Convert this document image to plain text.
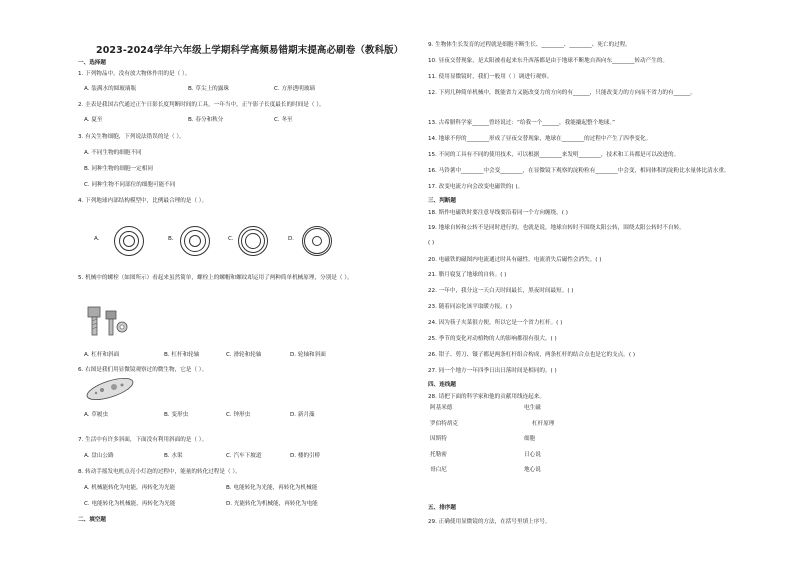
2023-2024学年六年级上学期科学高频易错期末提高必刷卷（教科版）
一、选择题
1. 下列物品中，没有放大物体作用的是（ ）。
A. 装满水的圆玻璃瓶	B. 草尖上的露珠	C. 方形透明玻璃
2. 圭表是我国古代通过正午日影长度判断时间的工具，一年当中，正午影子长度最长的时间是（ ）。
A. 夏至	B. 春分和秋分	C. 冬至
3. 有关生物细胞，下列说法错误的是（ ）。
A. 不同生物的细胞不同
B. 同种生物的细胞一定相同
C. 同种生物不同部位的细胞可能不同
4. 下列地球内部结构模型中，比例最合理的是（ ）。
5. 机械中的螺栓（如图所示）看起来虽然简单，螺栓上的螺帽和螺纹却运用了两种简单机械原理，分别是（ ）。
A. 杠杆和斜面	B. 杠杆和轮轴	C. 滑轮和轮轴	D. 轮轴和斜面
6. 右图是我们用显微镜观察过的微生物，它是（ ）。
A. 草履虫	B. 变形虫	C. 钟形虫	D. 新月藻
7. 生活中有许多斜面，下面没有利用斜面的是（ ）。
A. 盘山公路	B. 水渠	C. 汽车下坡道	D. 楼的引桥
8. 转动手摇发电机点亮小灯泡的过程中，能量的转化过程是（ ）。
A. 机械能转化为电能，再转化为光能	B. 电能转化为光能，再转化为机械能
C. 电能转化为机械能，再转化为光能	D. 光能转化为机械能，再转化为电能
二、填空题
9. 生物体生长发育的过程就是细胞不断生长、________、________、死亡的过程。
10. 昼夜交替现象，是太阳被看起来东升西落都是由于地球不断地自西向东________转动产生的。
11. 使用显微镜时，我们一般用（ ）调进行观察。
12. 下列几种简单机械中，既能省力又能改变力的方向的有______，只能改变力的方向而不省力的有______。
13. 古希腊科学家______曾经说过：“给我一个______，我能撬起整个地球。”
14. 地球不停的________形成了昼夜交替现象，地球在________的过程中产生了四季变化。
15. 不同的工具有不同的使用技术，可以根据________来发明________，技术和工具都是可以改进的。
16. 马铃薯中________中会变________，在显微镜下观察的淀粉粒有________中会变，相同体积的淀粉比水量体比清水重。
17. 改变电流方向会改变电磁铁的( )。
三、判断题
18. 斯作电磁铁时要注意导线要沿着同一个方向缠绕。( )
19. 地球自转和公转不是同时进行的，也就是说，地球自转时不围绕太阳公转，围绕太阳公转时不自转。
( )
20. 电磁铁的磁图内电流通过时具有磁性，电流消失后磁性会消失。( )
21. 腊月寝复了地球的自转。( )
22. 一年中，我分这一天白天时间最长，黑夜时间最短。( )
23. 随着同凉化该平取暖方报。( )
24. 因为筷子夹菜很方便，所以它是一个省力杠杆。( )
25. 季节的变化对动植物的人的影响都很有很大。( )
26. 钳子、剪刀、镊子都是两条杠杆组合构成，两条杠杆的结合点也是它的支点。( )
27. 同一个地方一年四季日出日落时间是相同的。( )
四、连线题
28. 请把下面的科学家和他的贡献用线连起来。
A.	B.	C.	D.
阿基米德
罗伯特胡克
因斯特
托勒密
哥白尼
电生磁
杠杆原理
细胞
日心说
地心说
五、排序题
29. 正确使用显微镜的方法，在括号里填上序号。
